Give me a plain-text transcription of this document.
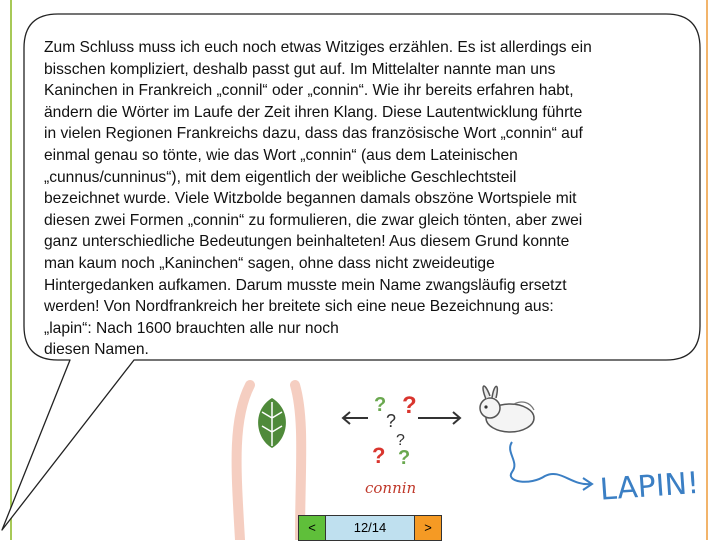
? ?
?
?
? ?
connin	LAPIN!

Zum Schluss muss ich euch noch etwas Witziges erzählen. Es ist allerdings ein
bisschen kompliziert, deshalb passt gut auf. Im Mittelalter nannte man uns
Kaninchen in Frankreich „connil“ oder „connin“. Wie ihr bereits erfahren habt,
ändern die Wörter im Laufe der Zeit ihren Klang. Diese Lautentwicklung führte
in vielen Regionen Frankreichs dazu, dass das französische Wort „connin“ auf
einmal genau so tönte, wie das Wort „connin“ (aus dem Lateinischen
„cunnus/cunninus“), mit dem eigentlich der weibliche Geschlechtsteil
bezeichnet wurde. Viele Witzbolde begannen damals obszöne Wortspiele mit
diesen zwei Formen „connin“ zu formulieren, die zwar gleich tönten, aber zwei
ganz unterschiedliche Bedeutungen beinhalteten! Aus diesem Grund konnte
man kaum noch „Kaninchen“ sagen, ohne dass nicht zweideutige
Hintergedanken aufkamen. Darum musste mein Name zwangsläufig ersetzt
werden! Von Nordfrankreich her breitete sich eine neue Bezeichnung aus:
„lapin“: Nach 1600 brauchten alle nur noch
diesen Namen.

<	12/14	>
